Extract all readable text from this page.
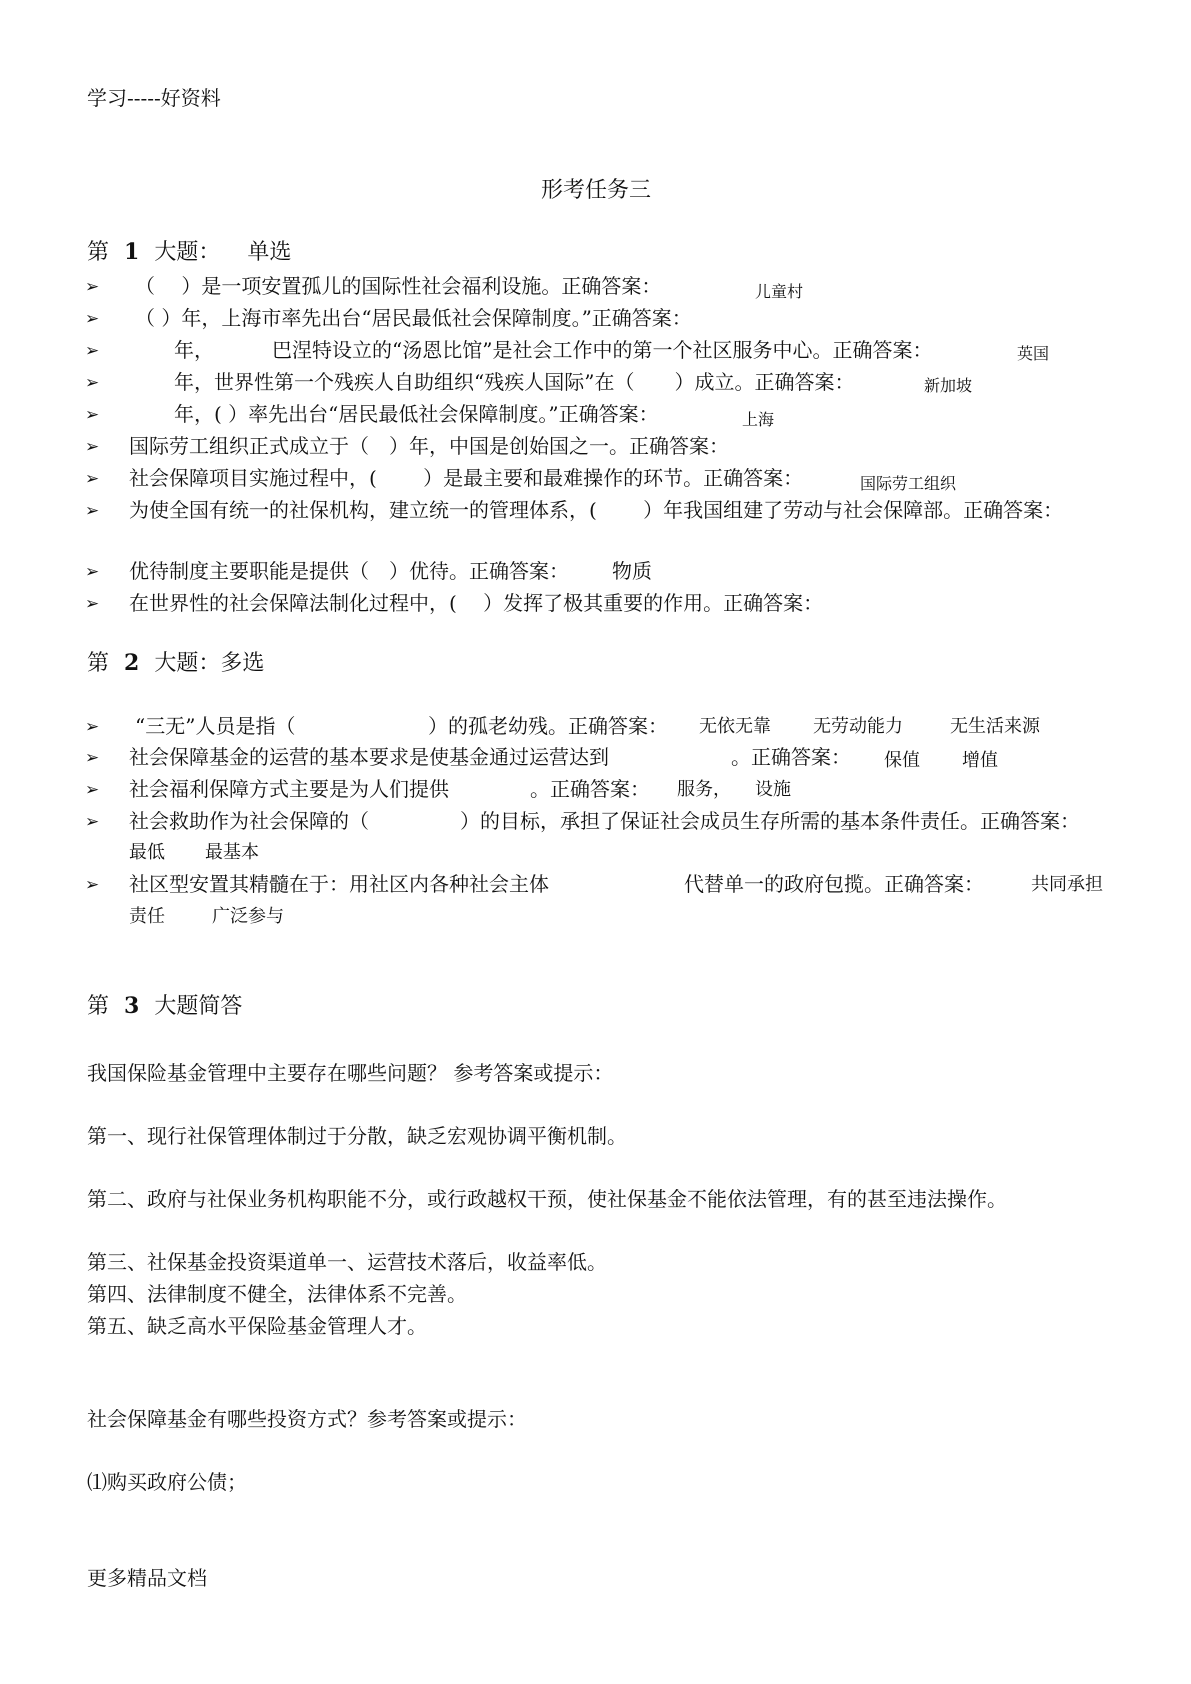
学习-----好资料
更多精品文档
形考任务三
第 1 大题： 单选
➢ （　 ）是一项安置孤儿的国际性社会福利设施。正确答案：	儿童村
➢ （ ）年，上海市率先出台“居民最低社会保障制度。”正确答案：
➢	年，	巴涅特设立的“汤恩比馆”是社会工作中的第一个社区服务中心。正确答案：	英国
➢	年，世界性第一个残疾人自助组织“残疾人国际”在（　　）成立。正确答案：	新加坡
➢	年，( ）率先出台“居民最低社会保障制度。”正确答案：	上海
➢ 国际劳工组织正式成立于（　）年，中国是创始国之一。正确答案：
➢ 社会保障项目实施过程中，(　　 ）是最主要和最难操作的环节。正确答案：	国际劳工组织
➢ 为使全国有统一的社保机构，建立统一的管理体系，(　　 ）年我国组建了劳动与社会保障部。正确答案：
➢ 优待制度主要职能是提供（　）优待。正确答案： 物质
➢ 在世界性的社会保障法制化过程中，(　 ）发挥了极其重要的作用。正确答案：
第 2 大题：多选
➢ “三无”人员是指（	）的孤老幼残。正确答案： 无依无靠 无劳动能力	无生活来源
➢ 社会保障基金的运营的基本要求是使基金通过运营达到	。正确答案： 保值 增值
➢ 社会福利保障方式主要是为人们提供	。正确答案： 服务， 设施
➢ 社会救助作为社会保障的（	）的目标，承担了保证社会成员生存所需的基本条件责任。正确答案：
最低 最基本
➢ 社区型安置其精髓在于：用社区内各种社会主体	代替单一的政府包揽。正确答案：	共同承担
责任	广泛参与
第 3 大题简答
我国保险基金管理中主要存在哪些问题？ 参考答案或提示：
第一、现行社保管理体制过于分散，缺乏宏观协调平衡机制。
第二、政府与社保业务机构职能不分，或行政越权干预，使社保基金不能依法管理，有的甚至违法操作。
第三、社保基金投资渠道单一、运营技术落后，收益率低。
第四、法律制度不健全，法律体系不完善。
第五、缺乏高水平保险基金管理人才。
社会保障基金有哪些投资方式？参考答案或提示：
⑴购买政府公债；
